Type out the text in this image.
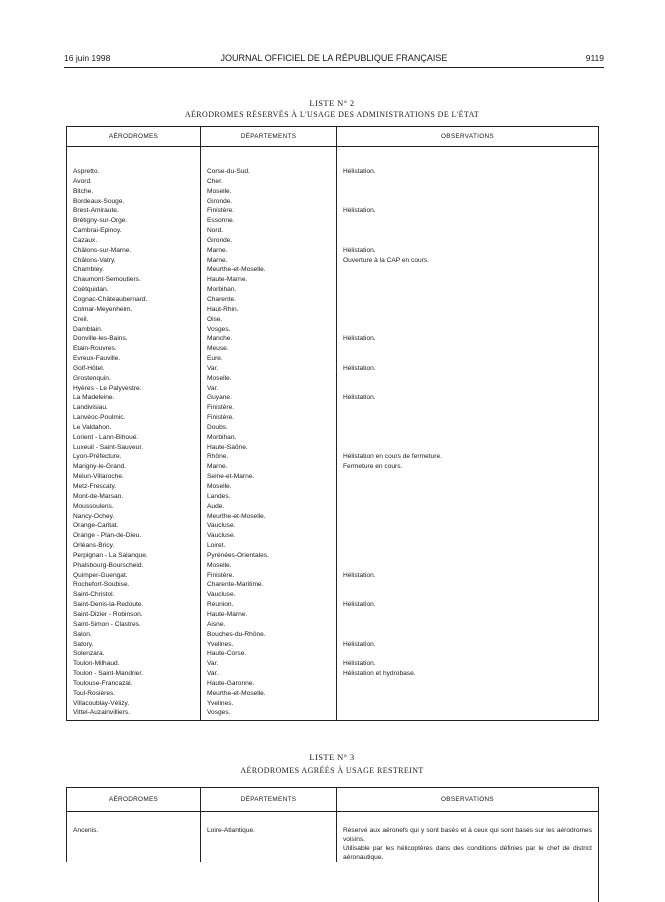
16 juin 1998	JOURNAL OFFICIEL DE LA RÉPUBLIQUE FRANÇAISE	9119
LISTE N° 2
AÉRODROMES RÉSERVÉS À L'USAGE DES ADMINISTRATIONS DE L'ÉTAT
AÉRODROMES	DÉPARTEMENTS	OBSERVATIONS
Aspretto.	Corse-du-Sud.	Hélistation.
Avord.	Cher.	
Bitche.	Moselle.	
Bordeaux-Souge.	Gironde.	
Brest-Amiraute.	Finistère.	Hélistation.
Brétigny-sur-Orge.	Essonne.	
Cambrai-Epinoy.	Nord.	
Cazaux.	Gironde.	
Châlons-sur-Marne.	Marne.	Hélistation.
Châlons-Vatry.	Marne.	Ouverture à la CAP en cours.
Chambley.	Meurthe-et-Moselle.	
Chaumont-Semoutiers.	Haute-Marne.	
Coëtquidan.	Morbihan.	
Cognac-Châteaubernard.	Charente.	
Colmar-Meyenheim.	Haut-Rhin.	
Creil.	Oise.	
Damblain.	Vosges.	
Donville-les-Bains.	Manche.	Hélistation.
Etain-Rouvres.	Meuse.	
Evreux-Fauville.	Eure.	
Golf-Hôtel.	Var.	Hélistation.
Grostenquin.	Moselle.	
Hyères - Le Palyvestre.	Var.	
La Madeleine.	Guyane.	Hélistation.
Landivisiau.	Finistère.	
Lanvéoc-Poulmic.	Finistère.	
Le Valdahon.	Doubs.	
Lorient - Lann-Bihoué.	Morbihan.	
Luxeuil - Saint-Sauveur.	Haute-Saône.	
Lyon-Préfecture.	Rhône.	Hélistation en cours de fermeture.
Marigny-le-Grand.	Marne.	Fermeture en cours.
Melun-Villaroche.	Seine-et-Marne.	
Metz-Frescaty.	Moselle.	
Mont-de-Marsan.	Landes.	
Moussoulens.	Aude.	
Nancy-Ochey.	Meurthe-et-Moselle.	
Orange-Caritat.	Vaucluse.	
Orange - Plan-de-Dieu.	Vaucluse.	
Orléans-Bricy.	Loiret.	
Perpignan - La Salanque.	Pyrénées-Orientales.	
Phalsbourg-Bourscheid.	Moselle.	
Quimper-Guengat.	Finistère.	Hélistation.
Rochefort-Soubise.	Charente-Maritime.	
Saint-Christol.	Vaucluse.	
Saint-Denis-la-Redoute.	Réunion.	Hélistation.
Saint-Dizier - Robinson.	Haute-Marne.	
Saint-Simon - Clastres.	Aisne.	
Salon.	Bouches-du-Rhône.	
Satory.	Yvelines.	Hélistation.
Solenzara.	Haute-Corse.	
Toulon-Milhaud.	Var.	Hélistation.
Toulon - Saint-Mandrier.	Var.	Hélistation et hydrobase.
Toulouse-Francazal.	Haute-Garonne.	
Toul-Rosières.	Meurthe-et-Moselle.	
Villacoublay-Vélizy.	Yvelines.	
Vittel-Auzainvilliers.	Vosges.	
LISTE N° 3
AÉRODROMES AGRÉÉS À USAGE RESTREINT
AÉRODROMES	DÉPARTEMENTS	OBSERVATIONS
Ancenis.	Loire-Atlantique.	Réservé aux aéronefs qui y sont basés et à ceux qui sont basés sur les aérodromes voisins.

Utilisable par les hélicoptères dans des conditions définies par le chef de district aéronautique.
